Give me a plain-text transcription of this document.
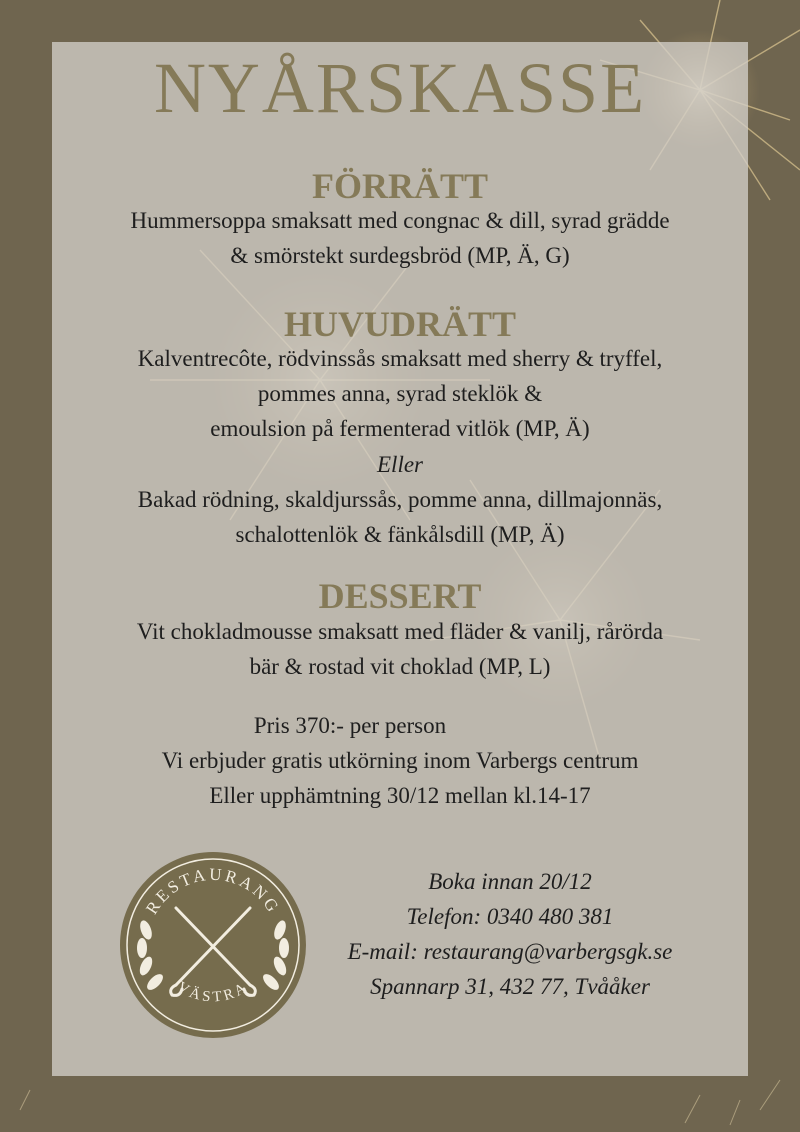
NYÅRSKASSE
FÖRRÄTT
Hummersoppa smaksatt med congnac & dill, syrad grädde
& smörstekt surdegsbröd (MP, Ä, G)
HUVUDRÄTT
Kalventrecôte, rödvinssås smaksatt med sherry & tryffel,
pommes anna, syrad steklök &
emoulsion på fermenterad vitlök (MP, Ä)
Eller
Bakad rödning, skaldjurssås, pomme anna, dillmajonnäs,
schalottenlök & fänkålsdill (MP, Ä)
DESSERT
Vit chokladmousse smaksatt med fläder & vanilj, rårörda
bär & rostad vit choklad (MP, L)
Pris 370:- per person
Vi erbjuder gratis utkörning inom Varbergs centrum
Eller upphämtning 30/12 mellan kl.14-17
RESTAURANG
VÄSTRA
Boka innan 20/12
Telefon: 0340 480 381
E-mail: restaurang@varbergsgk.se
Spannarp 31, 432 77, Tvååker
